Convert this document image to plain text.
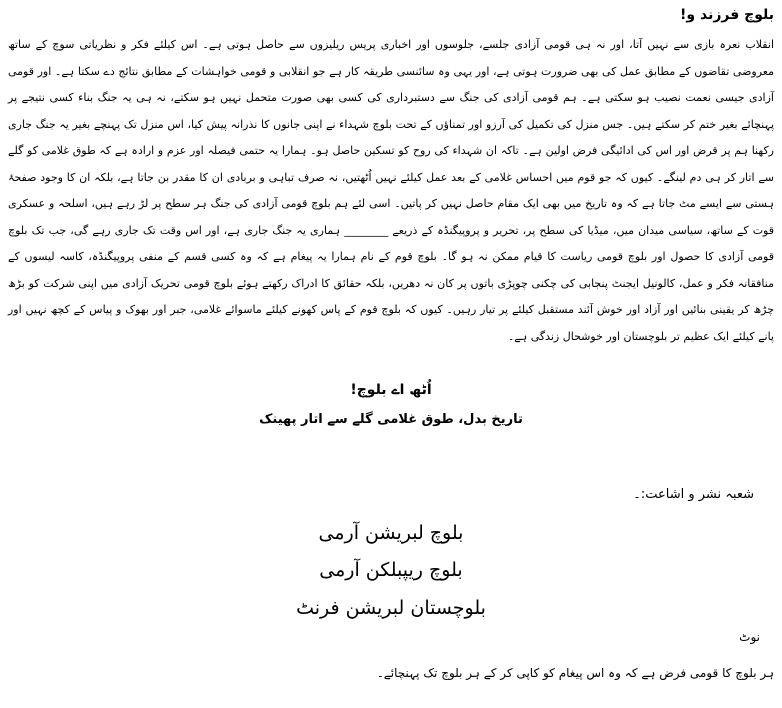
بلوچ فرزند و!

انقلاب نعرہ بازی سے نہیں آتا، اور نہ ہی قومی آزادی جلسے، جلوسوں اور اخباری پریس ریلیزوں سے حاصل ہوتی ہے۔ اس کیلئے فکر و نظریاتی سوچ کے ساتھ معروضی تقاضوں کے مطابق عمل کی بھی ضرورت ہوتی ہے، اور یہی وہ سائنسی طریقہ کار ہے جو انقلابی و قومی خواہشات کے مطابق نتائج دے سکتا ہے۔ اور قومی آزادی جیسی نعمت نصیب ہو سکتی ہے۔ ہم قومی آزادی کی جنگ سے دستبرداری کی کسی بھی صورت متحمل نہیں ہو سکتے، نہ ہی یہ جنگ بناء کسی نتیجے پر پہنچائے بغیر ختم کر سکتے ہیں۔ جس منزل کی تکمیل کی آرزو اور تمناؤں کے تحت بلوچ شہداء نے اپنی جانوں کا نذرانہ پیش کیا، اس منزل تک پہنچے بغیر یہ جنگ جاری رکھنا ہم پر قرض اور اس کی ادائیگی فرض اولین ہے۔ تاکہ ان شہداء کی روح کو تسکین حاصل ہو۔ ہمارا یہ حتمی فیصلہ اور عزم و ارادہ ہے کہ طوق غلامی کو گلے سے اتار کر ہی دم لینگے۔ کیوں کہ جو قوم میں احساس غلامی کے بعد عمل کیلئے نہیں اُٹھتیں، نہ صرف تباہی و بربادی ان کا مقدر بن جاتا ہے، بلکہ ان کا وجود صفحۂ ہستی سے ایسے مٹ جاتا ہے کہ وہ تاریخ میں بھی ایک مقام حاصل نہیں کر پاتیں۔ اسی لئے ہم بلوچ قومی آزادی کی جنگ ہر سطح پر لڑ رہے ہیں، اسلحہ و عسکری قوت کے ساتھ، سیاسی میدان میں، میڈیا کی سطح پر، تحریر و پروپیگنڈہ کے ذریعے ________ ہماری یہ جنگ جاری ہے، اور اس وقت تک جاری رہے گی، جب تک بلوچ قومی آزادی کا حصول اور بلوچ قومی ریاست کا قیام ممکن نہ ہو گا۔ بلوچ قوم کے نام ہمارا یہ پیغام ہے کہ وہ کسی قسم کے منفی پروپیگنڈہ، کاسہ لیسوں کے منافقانہ فکر و عمل، کالونیل ایجنٹ پنجابی کی چکنی چوپڑی باتوں پر کان نہ دھریں، بلکہ حقائق کا ادراک رکھتے ہوئے بلوچ قومی تحریک آزادی میں اپنی شرکت کو بڑھ چڑھ کر یقینی بنائیں اور آزاد اور خوش آئند مستقبل کیلئے پر تیار رہیں۔ کیوں کہ بلوچ قوم کے پاس کھونے کیلئے ماسوائے غلامی، جبر اور بھوک و پیاس کے کچھ نہیں اور پانے کیلئے ایک عظیم تر بلوچستان اور خوشحال زندگی ہے۔

اُٹھ اے بلوچ!

تاریخ بدل، طوق غلامی گلے سے اتار پھینک

شعبہ نشر و اشاعت:۔

بلوچ لبریشن آرمی

بلوچ ریپبلکن آرمی

بلوچستان لبریشن فرنٹ

نوٹ

ہر بلوچ کا قومی فرض ہے کہ وہ اس پیغام کو کاپی کر کے ہر بلوچ تک پہنچائے۔
